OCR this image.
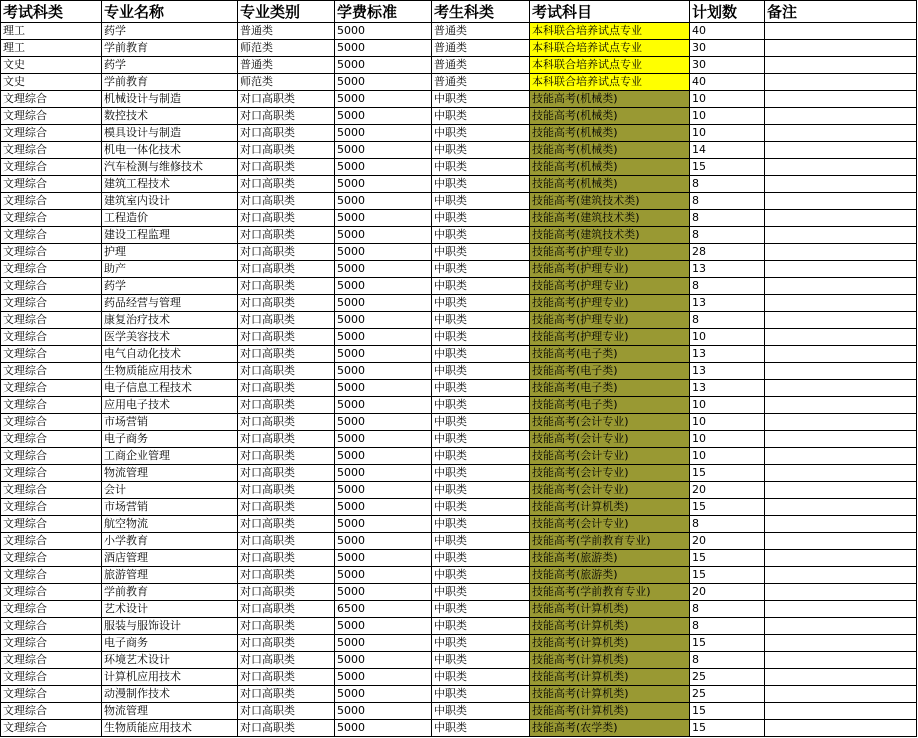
考试科类	专业名称	专业类别	学费标准	考生科类	考试科目	计划数	备注
理工	药学	普通类	5000	普通类	本科联合培养试点专业	40	
理工	学前教育	师范类	5000	普通类	本科联合培养试点专业	30	
文史	药学	普通类	5000	普通类	本科联合培养试点专业	30	
文史	学前教育	师范类	5000	普通类	本科联合培养试点专业	40	
文理综合	机械设计与制造	对口高职类	5000	中职类	技能高考(机械类)	10	
文理综合	数控技术	对口高职类	5000	中职类	技能高考(机械类)	10	
文理综合	模具设计与制造	对口高职类	5000	中职类	技能高考(机械类)	10	
文理综合	机电一体化技术	对口高职类	5000	中职类	技能高考(机械类)	14	
文理综合	汽车检测与维修技术	对口高职类	5000	中职类	技能高考(机械类)	15	
文理综合	建筑工程技术	对口高职类	5000	中职类	技能高考(机械类)	8	
文理综合	建筑室内设计	对口高职类	5000	中职类	技能高考(建筑技术类)	8	
文理综合	工程造价	对口高职类	5000	中职类	技能高考(建筑技术类)	8	
文理综合	建设工程监理	对口高职类	5000	中职类	技能高考(建筑技术类)	8	
文理综合	护理	对口高职类	5000	中职类	技能高考(护理专业)	28	
文理综合	助产	对口高职类	5000	中职类	技能高考(护理专业)	13	
文理综合	药学	对口高职类	5000	中职类	技能高考(护理专业)	8	
文理综合	药品经营与管理	对口高职类	5000	中职类	技能高考(护理专业)	13	
文理综合	康复治疗技术	对口高职类	5000	中职类	技能高考(护理专业)	8	
文理综合	医学美容技术	对口高职类	5000	中职类	技能高考(护理专业)	10	
文理综合	电气自动化技术	对口高职类	5000	中职类	技能高考(电子类)	13	
文理综合	生物质能应用技术	对口高职类	5000	中职类	技能高考(电子类)	13	
文理综合	电子信息工程技术	对口高职类	5000	中职类	技能高考(电子类)	13	
文理综合	应用电子技术	对口高职类	5000	中职类	技能高考(电子类)	10	
文理综合	市场营销	对口高职类	5000	中职类	技能高考(会计专业)	10	
文理综合	电子商务	对口高职类	5000	中职类	技能高考(会计专业)	10	
文理综合	工商企业管理	对口高职类	5000	中职类	技能高考(会计专业)	10	
文理综合	物流管理	对口高职类	5000	中职类	技能高考(会计专业)	15	
文理综合	会计	对口高职类	5000	中职类	技能高考(会计专业)	20	
文理综合	市场营销	对口高职类	5000	中职类	技能高考(计算机类)	15	
文理综合	航空物流	对口高职类	5000	中职类	技能高考(会计专业)	8	
文理综合	小学教育	对口高职类	5000	中职类	技能高考(学前教育专业)	20	
文理综合	酒店管理	对口高职类	5000	中职类	技能高考(旅游类)	15	
文理综合	旅游管理	对口高职类	5000	中职类	技能高考(旅游类)	15	
文理综合	学前教育	对口高职类	5000	中职类	技能高考(学前教育专业)	20	
文理综合	艺术设计	对口高职类	6500	中职类	技能高考(计算机类)	8	
文理综合	服装与服饰设计	对口高职类	5000	中职类	技能高考(计算机类)	8	
文理综合	电子商务	对口高职类	5000	中职类	技能高考(计算机类)	15	
文理综合	环境艺术设计	对口高职类	5000	中职类	技能高考(计算机类)	8	
文理综合	计算机应用技术	对口高职类	5000	中职类	技能高考(计算机类)	25	
文理综合	动漫制作技术	对口高职类	5000	中职类	技能高考(计算机类)	25	
文理综合	物流管理	对口高职类	5000	中职类	技能高考(计算机类)	15	
文理综合	生物质能应用技术	对口高职类	5000	中职类	技能高考(农学类)	15	
